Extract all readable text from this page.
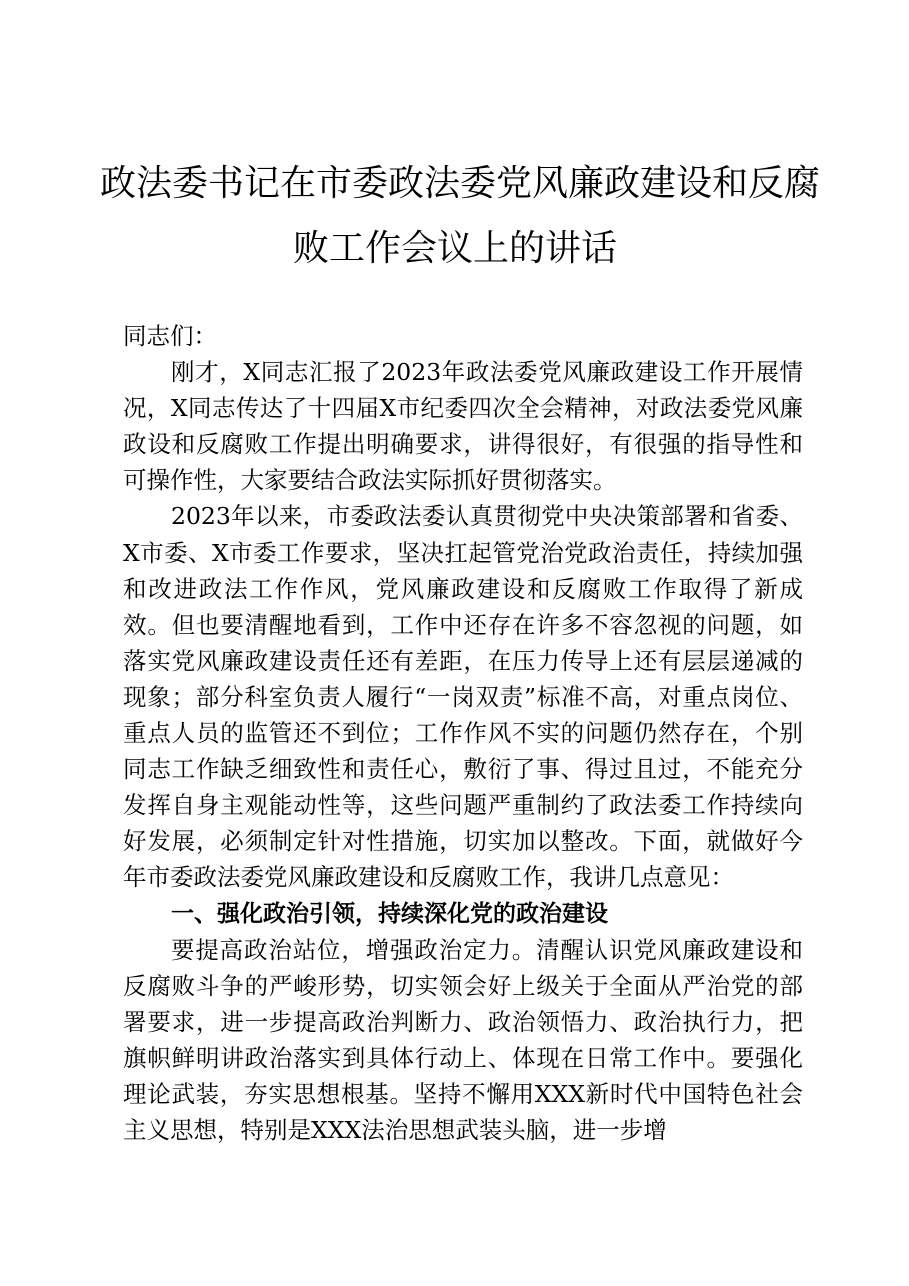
政法委书记在市委政法委党风廉政建设和反腐
败工作会议上的讲话

同志们：

刚才，X同志汇报了2023年政法委党风廉政建设工作开展情况，X同志传达了十四届X市纪委四次全会精神，对政法委党风廉政设和反腐败工作提出明确要求，讲得很好，有很强的指导性和可操作性，大家要结合政法实际抓好贯彻落实。

2023年以来，市委政法委认真贯彻党中央决策部署和省委、X市委、X市委工作要求，坚决扛起管党治党政治责任，持续加强和改进政法工作作风，党风廉政建设和反腐败工作取得了新成效。但也要清醒地看到，工作中还存在许多不容忽视的问题，如落实党风廉政建设责任还有差距，在压力传导上还有层层递减的现象；部分科室负责人履行“一岗双责”标准不高，对重点岗位、重点人员的监管还不到位；工作作风不实的问题仍然存在，个别同志工作缺乏细致性和责任心，敷衍了事、得过且过，不能充分发挥自身主观能动性等，这些问题严重制约了政法委工作持续向好发展，必须制定针对性措施，切实加以整改。下面，就做好今年市委政法委党风廉政建设和反腐败工作，我讲几点意见：

一、强化政治引领，持续深化党的政治建设

要提高政治站位，增强政治定力。清醒认识党风廉政建设和反腐败斗争的严峻形势，切实领会好上级关于全面从严治党的部署要求，进一步提高政治判断力、政治领悟力、政治执行力，把旗帜鲜明讲政治落实到具体行动上、体现在日常工作中。要强化理论武装，夯实思想根基。坚持不懈用XXX新时代中国特色社会主义思想，特别是XXX法治思想武装头脑，进一步增
